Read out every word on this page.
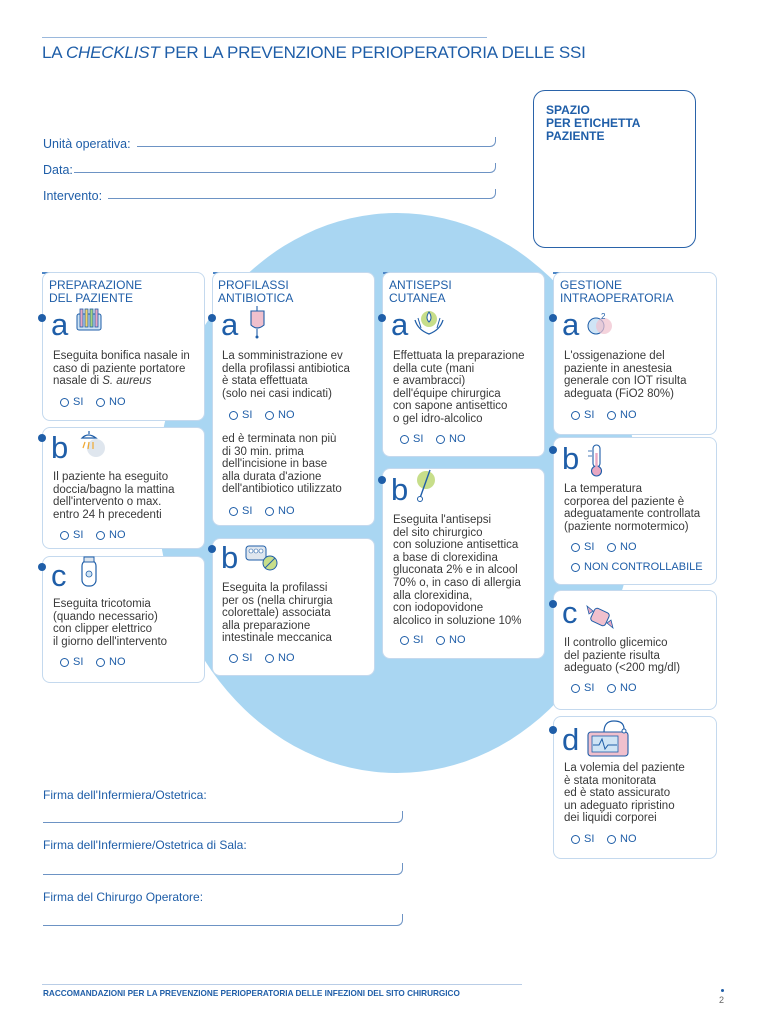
LA CHECKLIST PER LA PREVENZIONE PERIOPERATORIA DELLE SSI
SPAZIO
PER ETICHETTA
PAZIENTE
Unità operativa:
Data:
Intervento:
PREPARAZIONE
DEL PAZIENTE
PROFILASSI
ANTIBIOTICA
ANTISEPSI
CUTANEA
GESTIONE
INTRAOPERATORIA
a
Eseguita bonifica nasale in
caso di paziente portatore
nasale di S. aureus
SI NO
b
Il paziente ha eseguito
doccia/bagno la mattina
dell'intervento o max.
entro 24 h precedenti
SI NO
c
Eseguita tricotomia
(quando necessario)
con clipper elettrico
il giorno dell'intervento
SI NO
a
La somministrazione ev
della profilassi antibiotica
è stata effettuata
(solo nei casi indicati)
SI NO
ed è terminata non più
di 30 min. prima
dell'incisione in base
alla durata d'azione
dell'antibiotico utilizzato
SI NO
b
Eseguita la profilassi
per os (nella chirurgia
colorettale) associata
alla preparazione
intestinale meccanica
SI NO
a
Effettuata la preparazione
della cute (mani
e avambracci)
dell'équipe chirurgica
con sapone antisettico
o gel idro-alcolico
SI NO
b
Eseguita l'antisepsi
del sito chirurgico
con soluzione antisettica
a base di clorexidina
gluconata 2% e in alcool
70% o, in caso di allergia
alla clorexidina,
con iodopovidone
alcolico in soluzione 10%
SI NO
a	2
L'ossigenazione del
paziente in anestesia
generale con IOT risulta
adeguata (FiO2 80%)
SI NO
b
La temperatura
corporea del paziente è
adeguatamente controllata
(paziente normotermico)
SI NO
NON CONTROLLABILE
c
Il controllo glicemico
del paziente risulta
adeguato (<200 mg/dl)
SI NO
d
La volemia del paziente
è stata monitorata
ed è stato assicurato
un adeguato ripristino
dei liquidi corporei
SI NO
Firma dell'Infermiera/Ostetrica:
Firma dell'Infermiere/Ostetrica di Sala:
Firma del Chirurgo Operatore:
RACCOMANDAZIONI PER LA PREVENZIONE PERIOPERATORIA DELLE INFEZIONI DEL SITO CHIRURGICO
2
